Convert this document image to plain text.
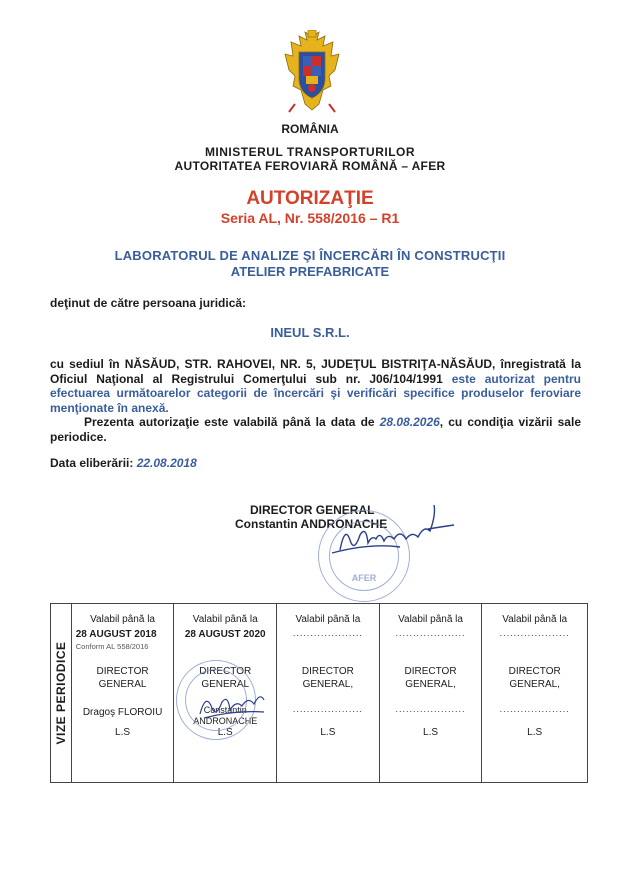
ROMÂNIA
MINISTERUL TRANSPORTURILOR
AUTORITATEA FEROVIARĂ ROMÂNĂ – AFER
AUTORIZAŢIE
Seria AL, Nr. 558/2016 – R1
LABORATORUL DE ANALIZE ŞI ÎNCERCĂRI ÎN CONSTRUCŢII
ATELIER PREFABRICATE
deţinut de către persoana juridică:
INEUL S.R.L.

cu sediul în NĂSĂUD, STR. RAHOVEI, NR. 5, JUDEŢUL BISTRIŢA-NĂSĂUD, înregistrată la Oficiul Naţional al Registrului Comerţului sub nr. J06/104/1991 este autorizat pentru efectuarea următoarelor categorii de încercări şi verificări specifice produselor feroviare menţionate în anexă.

Prezenta autorizaţie este valabilă până la data de 28.08.2026, cu condiţia vizării sale periodice.

Data eliberării: 22.08.2018
DIRECTOR GENERAL
Constantin ANDRONACHE
AFER
VIZE PERIODICE

Valabil până la
28 AUGUST 2018
Conform AL 558/2016
DIRECTOR
GENERAL
Dragoş FLOROIU
L.S

Valabil până la
28 AUGUST 2020
DIRECTOR
GENERAL
Constantin
ANDRONACHE
L.S

Valabil până la
....................
DIRECTOR
GENERAL,
....................
L.S

Valabil până la
....................
DIRECTOR
GENERAL,
....................
L.S

Valabil până la
....................
DIRECTOR
GENERAL,
....................
L.S
